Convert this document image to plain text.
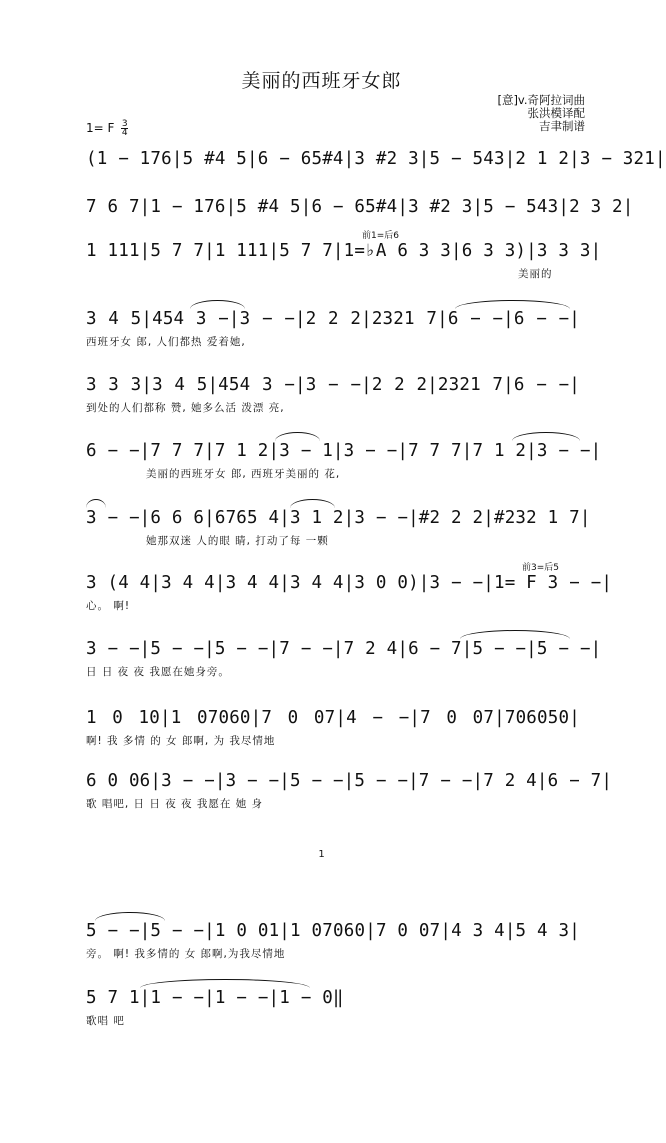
美丽的西班牙女郎
[意]v.奇阿拉词曲
张洪模译配
吉聿制谱
1= F $\frac{3}{4}$
(1 − 176|5 #4 5|6 − 65#4|3 #2 3|5 − 543|2 1 2|3 − 321|
7 6 7|1 − 176|5 #4 5|6 − 65#4|3 #2 3|5 − 543|2 3 2|
前1=后6
1 111|5 7 7|1 111|5 7 7|1=♭A 6 3 3|6 3 3)|3 3 3|
美丽的
3 4 5|454 3 −|3 − −|2 2 2|2321 7|6 − −|6 − −|
西班牙女 郎, 人们都热 爱着她,
3 3 3|3 4 5|454 3 −|3 − −|2 2 2|2321 7|6 − −|
到处的人们都称 赞, 她多么活 泼漂 亮,
6 − −|7 7 7|7 1 2|3 − 1|3 − −|7 7 7|7 1 2|3 − −|
美丽的西班牙女 郎, 西班牙美丽的 花,
3 − −|6 6 6|6765 4|3 1 2|3 − −|#2 2 2|#232 1 7|
她那双迷 人的眼 睛, 打动了每 一颗
前3=后5
3 (4 4|3 4 4|3 4 4|3 4 4|3 0 0)|3 − −|1= F 3 − −|
心。 啊!
3 − −|5 − −|5 − −|7 − −|7 2 4|6 − 7|5 − −|5 − −|
日 日 夜 夜 我愿在她身旁。
1 0 10|1 07060|7 0 07|4 − −|7 0 07|706050|
啊! 我 多情 的 女 郎啊, 为 我尽情地
6 0 06|3 − −|3 − −|5 − −|5 − −|7 − −|7 2 4|6 − 7|
歌 唱吧, 日 日 夜 夜 我愿在 她 身
1
5 − −|5 − −|1 0 01|1 07060|7 0 07|4 3 4|5 4 3|
旁。 啊! 我多情的 女 郎啊,为我尽情地
5 7 1|1 − −|1 − −|1 − 0‖
歌唱 吧
